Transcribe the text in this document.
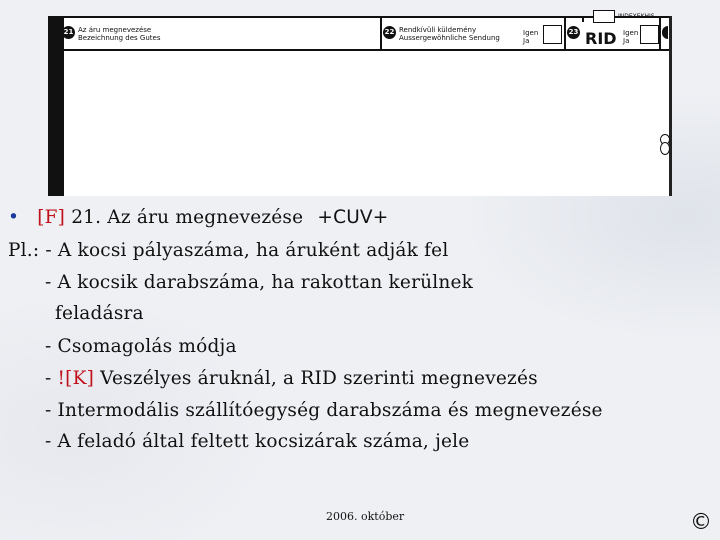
21 Az áru megnevezése
Bezeichnung des Gutes
22 Rendkívüli küldemény
Aussergewöhnliche Sendung
Igen
Ja
23 RID Igen
Ja
INDEXEKHIS
• [F] 21. Az áru megnevezése +CUV+
Pl.: - A kocsi pályaszáma, ha áruként adják fel
- A kocsik darabszáma, ha rakottan kerülnek
feladásra
- Csomagolás módja
- ![K] Veszélyes áruknál, a RID szerinti megnevezés
- Intermodális szállítóegység darabszáma és megnevezése
- A feladó által feltett kocsizárak száma, jele
2006. október	©
